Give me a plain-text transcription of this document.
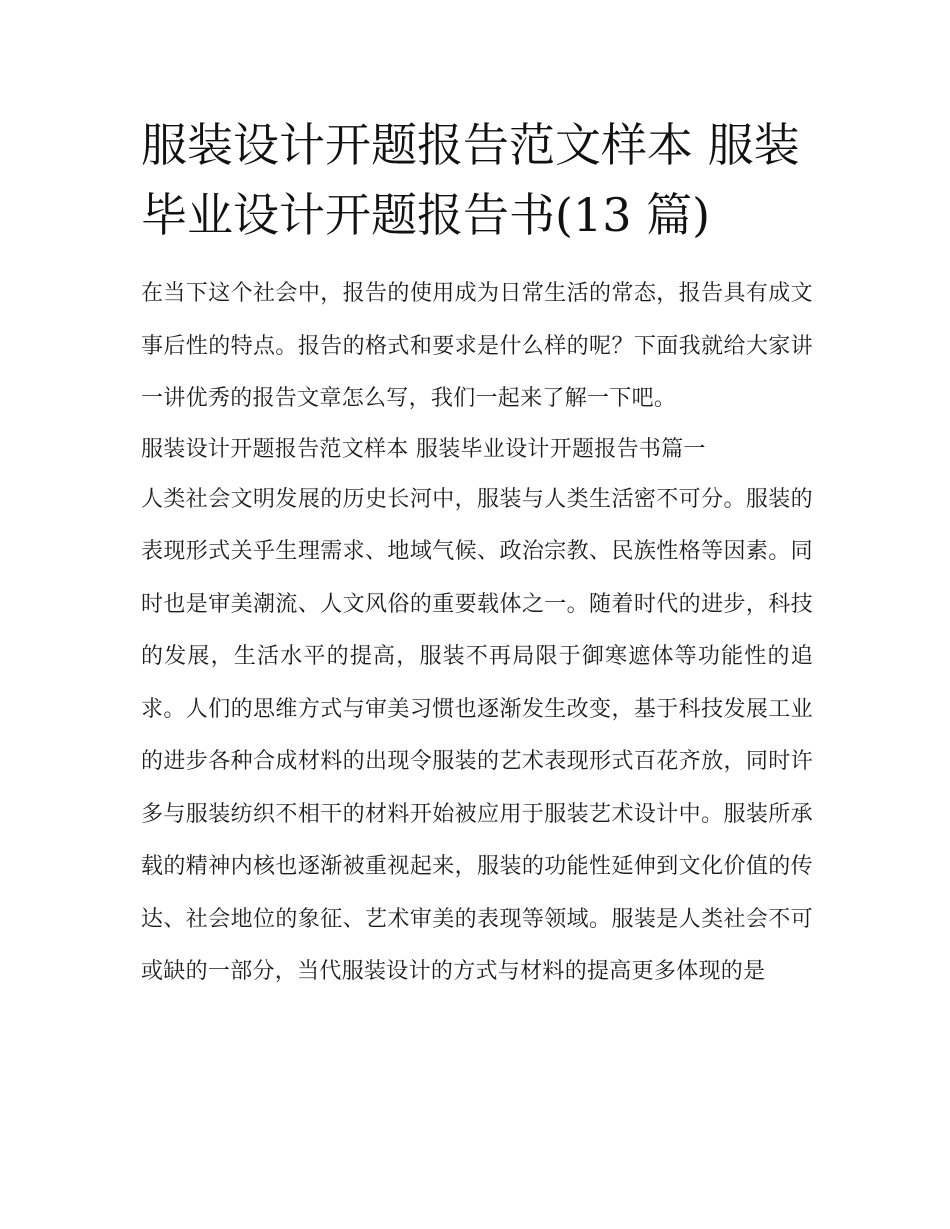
服装设计开题报告范文样本 服装毕业设计开题报告书(13 篇)

在当下这个社会中，报告的使用成为日常生活的常态，报告具有成文事后性的特点。报告的格式和要求是什么样的呢？下面我就给大家讲一讲优秀的报告文章怎么写，我们一起来了解一下吧。

服装设计开题报告范文样本 服装毕业设计开题报告书篇一

人类社会文明发展的历史长河中，服装与人类生活密不可分。服装的表现形式关乎生理需求、地域气候、政治宗教、民族性格等因素。同时也是审美潮流、人文风俗的重要载体之一。随着时代的进步，科技的发展，生活水平的提高，服装不再局限于御寒遮体等功能性的追求。人们的思维方式与审美习惯也逐渐发生改变，基于科技发展工业的进步各种合成材料的出现令服装的艺术表现形式百花齐放，同时许多与服装纺织不相干的材料开始被应用于服装艺术设计中。服装所承载的精神内核也逐渐被重视起来，服装的功能性延伸到文化价值的传达、社会地位的象征、艺术审美的表现等领域。服装是人类社会不可或缺的一部分，当代服装设计的方式与材料的提高更多体现的是
